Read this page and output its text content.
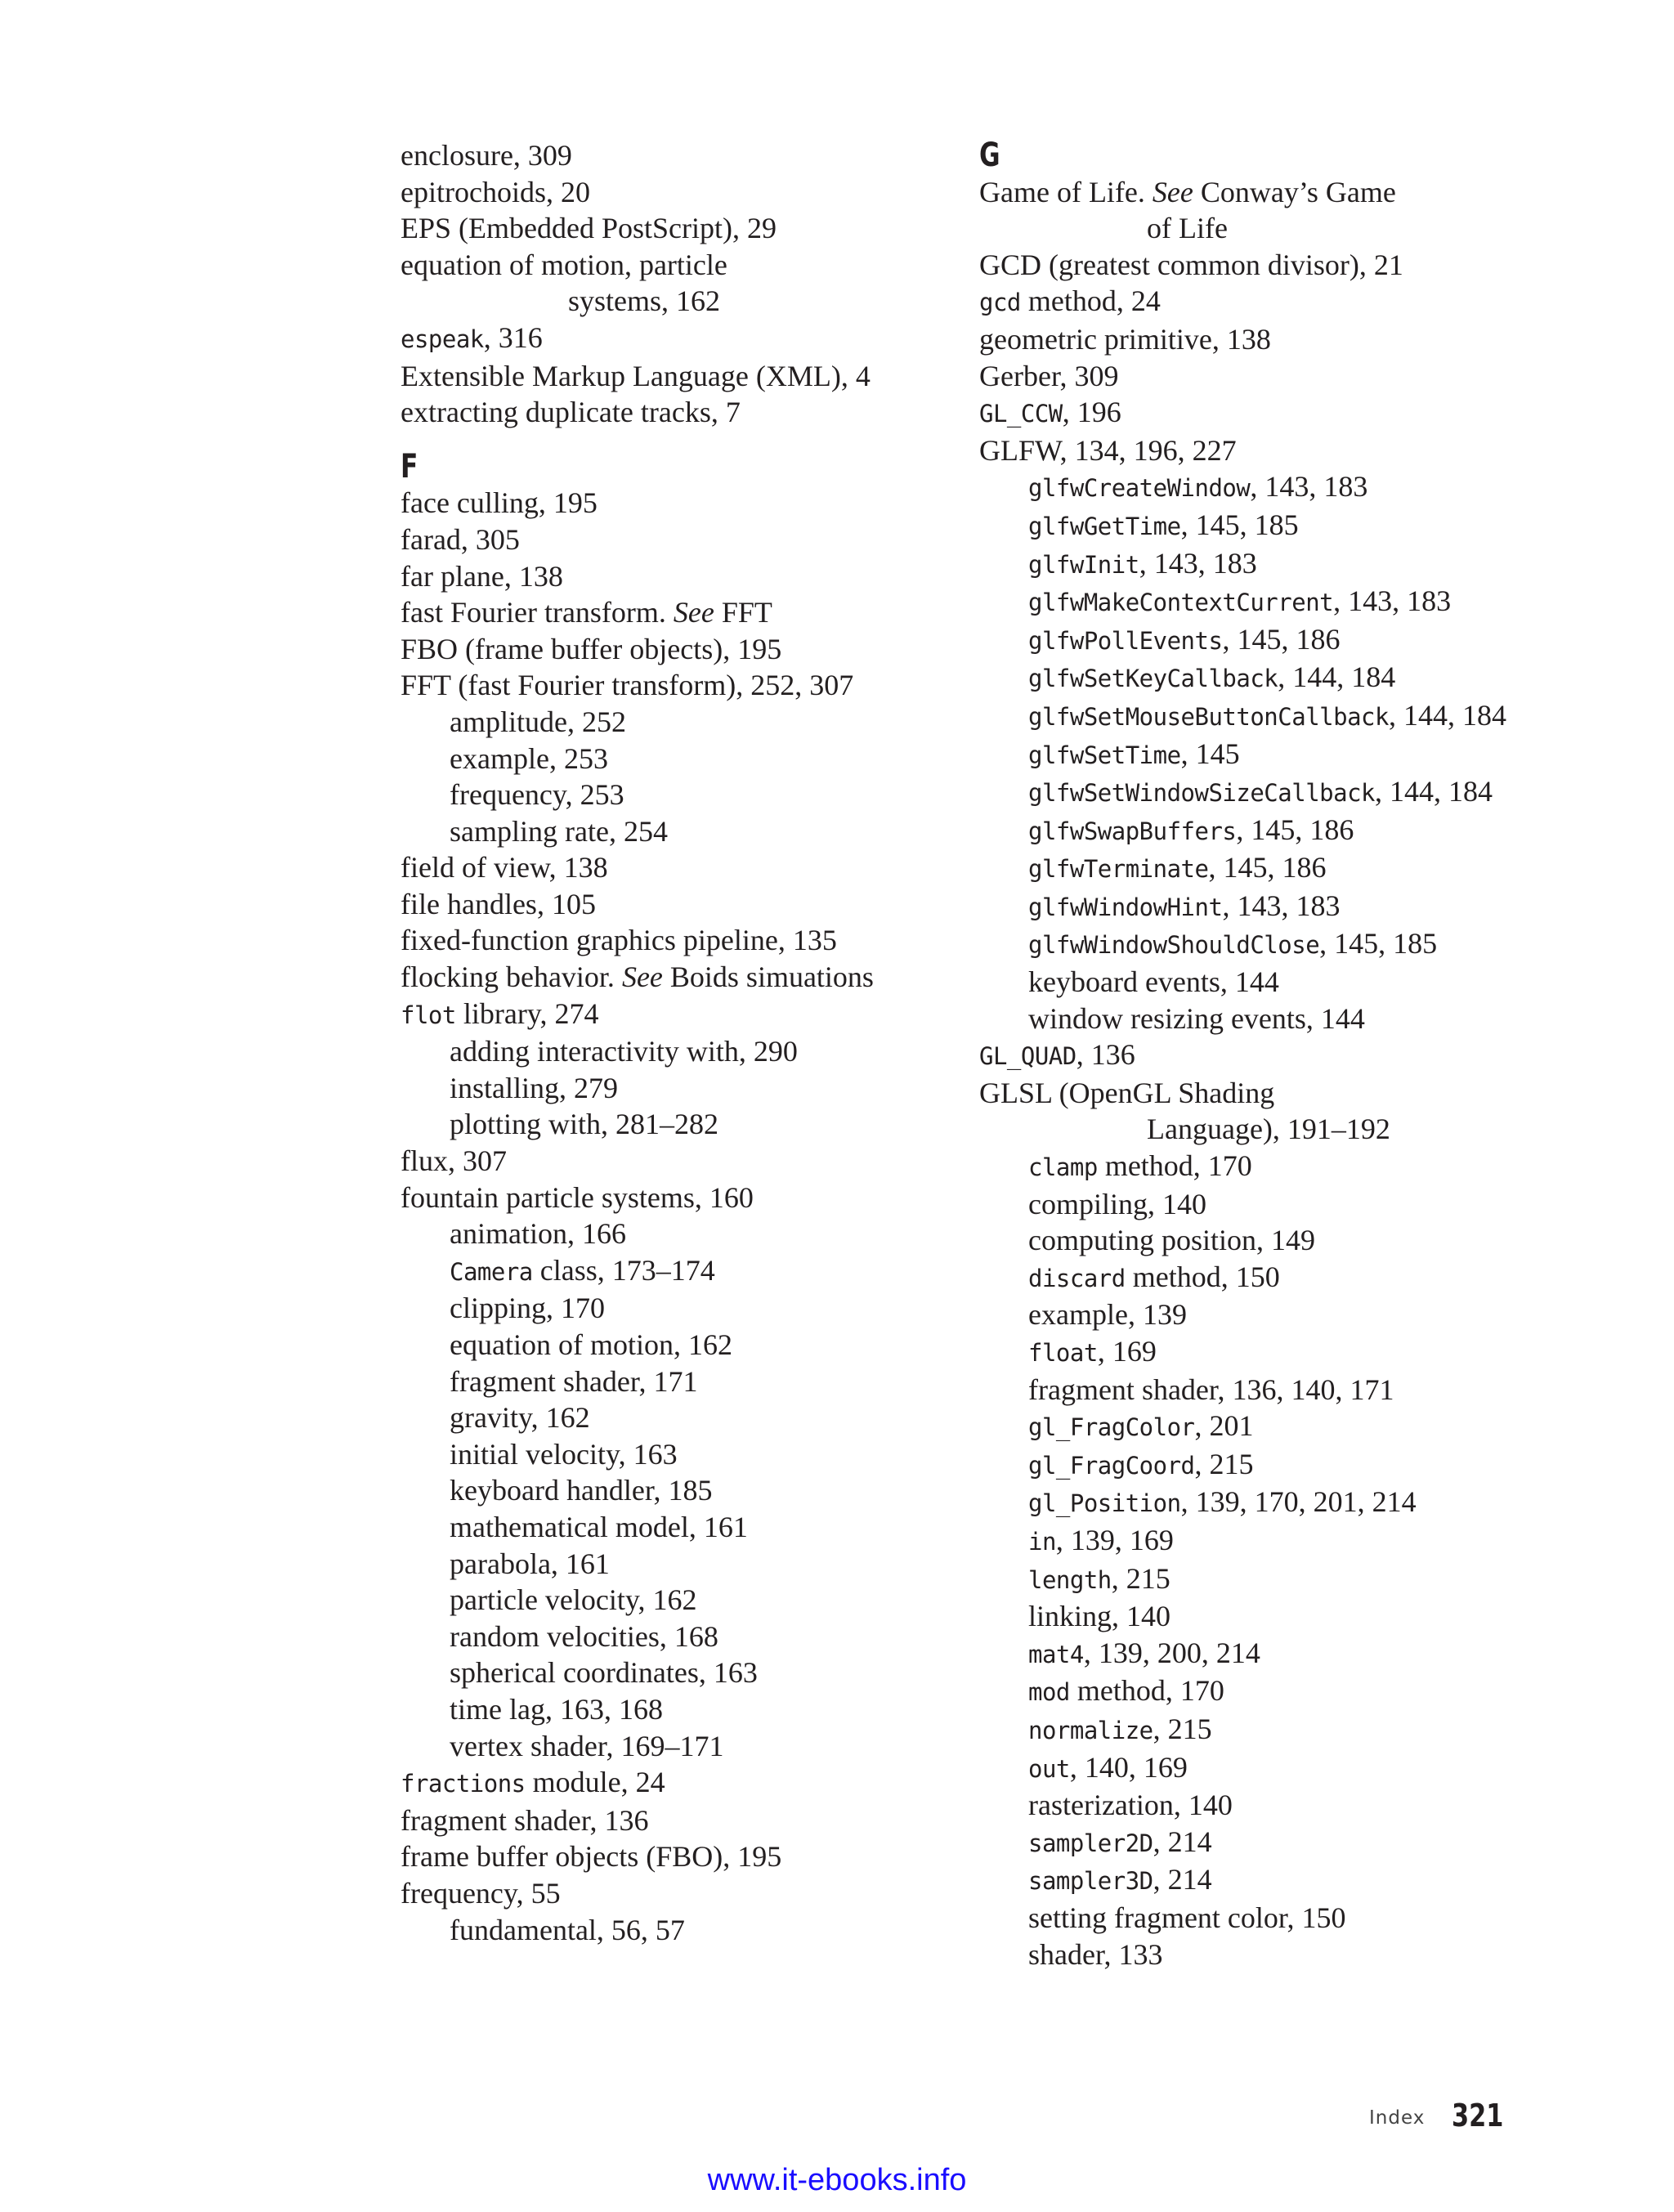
enclosure, 309
epitrochoids, 20
EPS (Embedded PostScript), 29
equation of motion, particle
systems, 162
espeak, 316
Extensible Markup Language (XML), 4
extracting duplicate tracks, 7
F
face culling, 195
farad, 305
far plane, 138
fast Fourier transform. See FFT
FBO (frame buffer objects), 195
FFT (fast Fourier transform), 252, 307
amplitude, 252
example, 253
frequency, 253
sampling rate, 254
field of view, 138
file handles, 105
fixed-function graphics pipeline, 135
flocking behavior. See Boids simuations
flot library, 274
adding interactivity with, 290
installing, 279
plotting with, 281–282
flux, 307
fountain particle systems, 160
animation, 166
Camera class, 173–174
clipping, 170
equation of motion, 162
fragment shader, 171
gravity, 162
initial velocity, 163
keyboard handler, 185
mathematical model, 161
parabola, 161
particle velocity, 162
random velocities, 168
spherical coordinates, 163
time lag, 163, 168
vertex shader, 169–171
fractions module, 24
fragment shader, 136
frame buffer objects (FBO), 195
frequency, 55
fundamental, 56, 57
G
Game of Life. See Conway’s Game
of Life
GCD (greatest common divisor), 21
gcd method, 24
geometric primitive, 138
Gerber, 309
GL_CCW, 196
GLFW, 134, 196, 227
glfwCreateWindow, 143, 183
glfwGetTime, 145, 185
glfwInit, 143, 183
glfwMakeContextCurrent, 143, 183
glfwPollEvents, 145, 186
glfwSetKeyCallback, 144, 184
glfwSetMouseButtonCallback, 144, 184
glfwSetTime, 145
glfwSetWindowSizeCallback, 144, 184
glfwSwapBuffers, 145, 186
glfwTerminate, 145, 186
glfwWindowHint, 143, 183
glfwWindowShouldClose, 145, 185
keyboard events, 144
window resizing events, 144
GL_QUAD, 136
GLSL (OpenGL Shading
Language), 191–192
clamp method, 170
compiling, 140
computing position, 149
discard method, 150
example, 139
float, 169
fragment shader, 136, 140, 171
gl_FragColor, 201
gl_FragCoord, 215
gl_Position, 139, 170, 201, 214
in, 139, 169
length, 215
linking, 140
mat4, 139, 200, 214
mod method, 170
normalize, 215
out, 140, 169
rasterization, 140
sampler2D, 214
sampler3D, 214
setting fragment color, 150
shader, 133
Index 321
www.it-ebooks.info
